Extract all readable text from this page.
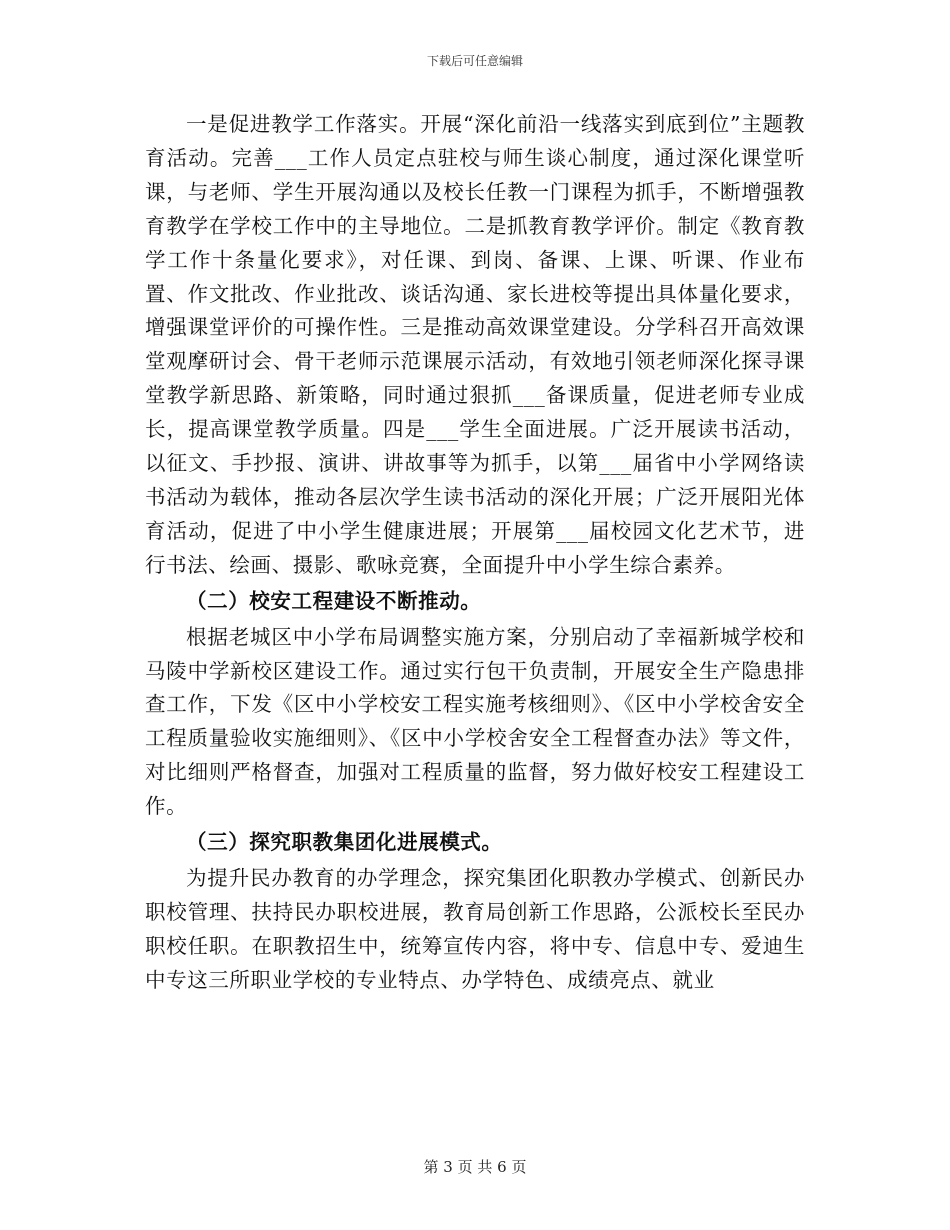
下载后可任意编辑

一是促进教学工作落实。开展“深化前沿一线落实到底到位”主题教育活动。完善___工作人员定点驻校与师生谈心制度，通过深化课堂听课，与老师、学生开展沟通以及校长任教一门课程为抓手，不断增强教育教学在学校工作中的主导地位。二是抓教育教学评价。制定《教育教学工作十条量化要求》，对任课、到岗、备课、上课、听课、作业布置、作文批改、作业批改、谈话沟通、家长进校等提出具体量化要求，增强课堂评价的可操作性。三是推动高效课堂建设。分学科召开高效课堂观摩研讨会、骨干老师示范课展示活动，有效地引领老师深化探寻课堂教学新思路、新策略，同时通过狠抓___备课质量，促进老师专业成长，提高课堂教学质量。四是___学生全面进展。广泛开展读书活动，以征文、手抄报、演讲、讲故事等为抓手，以第___届省中小学网络读书活动为载体，推动各层次学生读书活动的深化开展；广泛开展阳光体育活动，促进了中小学生健康进展；开展第___届校园文化艺术节，进行书法、绘画、摄影、歌咏竞赛，全面提升中小学生综合素养。

（二）校安工程建设不断推动。

根据老城区中小学布局调整实施方案，分别启动了幸福新城学校和马陵中学新校区建设工作。通过实行包干负责制，开展安全生产隐患排查工作，下发《区中小学校安工程实施考核细则》、《区中小学校舍安全工程质量验收实施细则》、《区中小学校舍安全工程督查办法》等文件，对比细则严格督查，加强对工程质量的监督，努力做好校安工程建设工作。

（三）探究职教集团化进展模式。

为提升民办教育的办学理念，探究集团化职教办学模式、创新民办职校管理、扶持民办职校进展，教育局创新工作思路，公派校长至民办职校任职。在职教招生中，统筹宣传内容，将中专、信息中专、爱迪生中专这三所职业学校的专业特点、办学特色、成绩亮点、就业

第 3 页 共 6 页
